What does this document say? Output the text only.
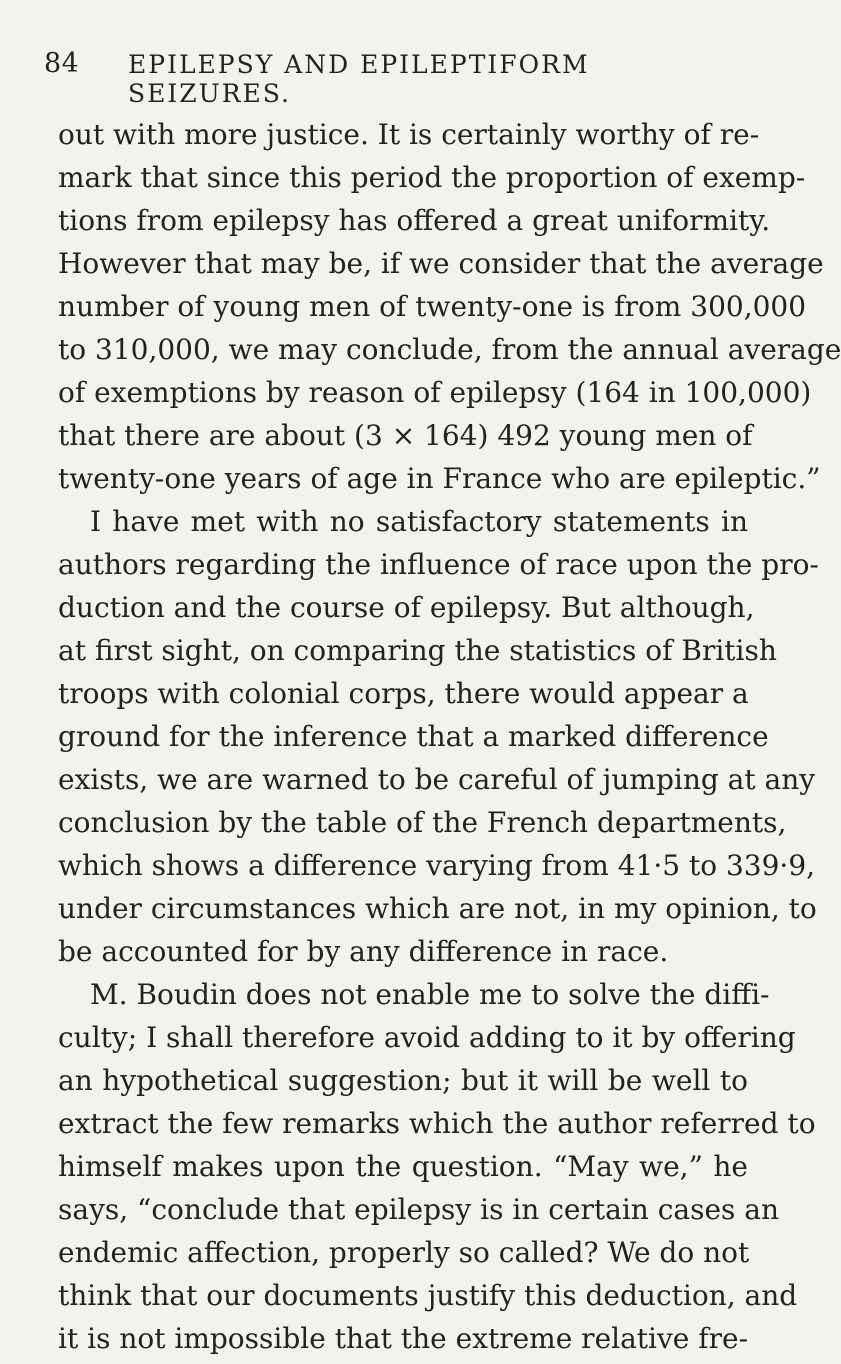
84 EPILEPSY AND EPILEPTIFORM SEIZURES.
out with more justice. It is certainly worthy of re-
mark that since this period the proportion of exemp-
tions from epilepsy has offered a great uniformity.
However that may be, if we consider that the average
number of young men of twenty-one is from 300,000
to 310,000, we may conclude, from the annual average
of exemptions by reason of epilepsy (164 in 100,000)
that there are about (3 × 164) 492 young men of
twenty-one years of age in France who are epileptic.”
I have met with no satisfactory statements in
authors regarding the influence of race upon the pro-
duction and the course of epilepsy. But although,
at first sight, on comparing the statistics of British
troops with colonial corps, there would appear a
ground for the inference that a marked difference
exists, we are warned to be careful of jumping at any
conclusion by the table of the French departments,
which shows a difference varying from 41·5 to 339·9,
under circumstances which are not, in my opinion, to
be accounted for by any difference in race.
M. Boudin does not enable me to solve the diffi-
culty; I shall therefore avoid adding to it by offering
an hypothetical suggestion; but it will be well to
extract the few remarks which the author referred to
himself makes upon the question. “May we,” he
says, “conclude that epilepsy is in certain cases an
endemic affection, properly so called? We do not
think that our documents justify this deduction, and
it is not impossible that the extreme relative fre-
